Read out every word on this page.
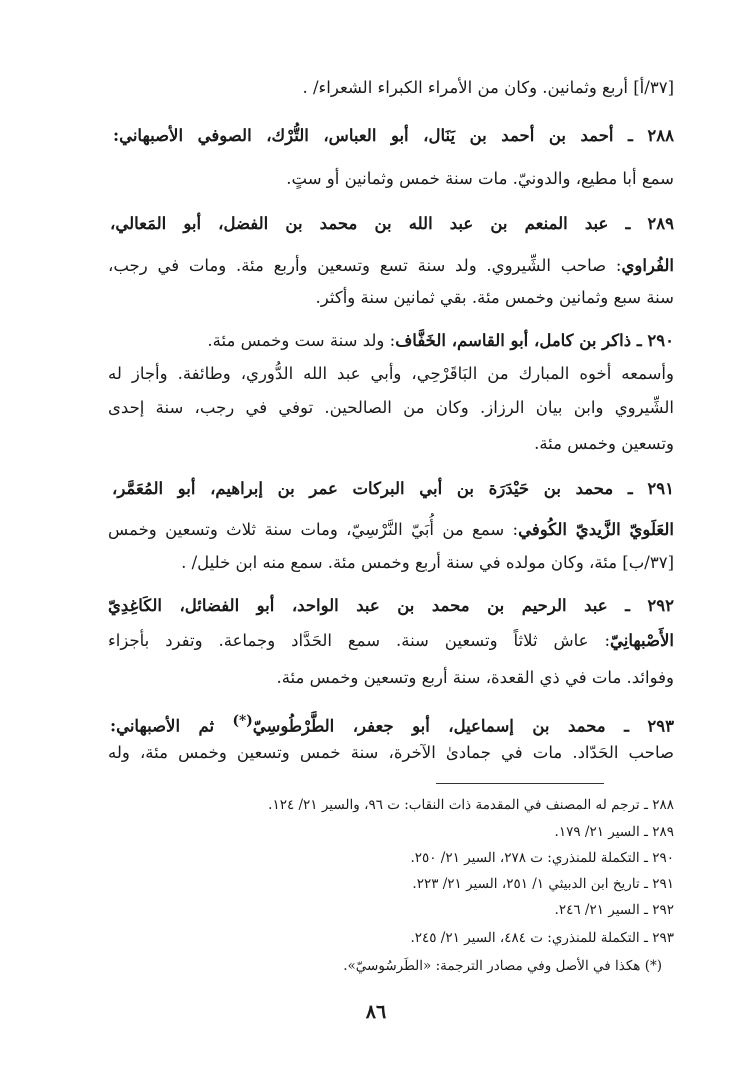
[٣٧/أ] أربع وثمانين. وكان من الأمراء الكبراء الشعراء/ .
٢٨٨ ـ أحمد بن أحمد بن يَنَال، أبو العباس، التُّرْك، الصوفي الأصبهاني:
سمع أبا مطيع، والدونيّ. مات سنة خمس وثمانين أو ستٍ.
٢٨٩ ـ عبد المنعم بن عبد الله بن محمد بن الفضل، أبو المَعالي،
الفُراوي: صاحب الشِّيروي. ولد سنة تسع وتسعين وأربع مئة. ومات في رجب،
سنة سبع وثمانين وخمس مئة. بقي ثمانين سنة وأكثر.
٢٩٠ ـ ذاكر بن كامل، أبو القاسم، الخَفَّاف: ولد سنة ست وخمس مئة.
وأسمعه أخوه المبارك من البَاقَرْحِي، وأبي عبد الله الدُّوري، وطائفة. وأجاز له
الشِّيروي وابن بيان الرزاز. وكان من الصالحين. توفي في رجب، سنة إحدى
وتسعين وخمس مئة.
٢٩١ ـ محمد بن حَيْدَرَة بن أبي البركات عمر بن إبراهيم، أبو المُعَمَّر،
العَلَويّ الزَّيديّ الكُوفي: سمع من أُبَيّ النَّرْسِيّ، ومات سنة ثلاث وتسعين وخمس
[٣٧/ب] مئة، وكان مولده في سنة أربع وخمس مئة. سمع منه ابن خليل/ .
٢٩٢ ـ عبد الرحيم بن محمد بن عبد الواحد، أبو الفضائل، الكَاغِدِيّ
الأَصْبهانِيّ: عاش ثلاثاً وتسعين سنة. سمع الحَدَّاد وجماعة. وتفرد بأجزاء
وفوائد. مات في ذي القعدة، سنة أربع وتسعين وخمس مئة.
٢٩٣ ـ محمد بن إسماعيل، أبو جعفر، الطَّرْطُوسِيّ(*) ثم الأصبهاني:
صاحب الحَدّاد. مات في جمادىٰ الآخرة، سنة خمس وتسعين وخمس مئة، وله
٢٨٨ ـ ترجم له المصنف في المقدمة ذات النقاب: ت ٩٦، والسير ٢١/ ١٢٤.
٢٨٩ ـ السير ٢١/ ١٧٩.
٢٩٠ ـ التكملة للمنذري: ت ٢٧٨، السير ٢١/ ٢٥٠.
٢٩١ ـ تاريخ ابن الدبيثي ١/ ٢٥١، السير ٢١/ ٢٢٣.
٢٩٢ ـ السير ٢١/ ٢٤٦.
٢٩٣ ـ التكملة للمنذري: ت ٤٨٤، السير ٢١/ ٢٤٥.
(*) هكذا في الأصل وفي مصادر الترجمة: «الطَرسُوسيّ».
٨٦
